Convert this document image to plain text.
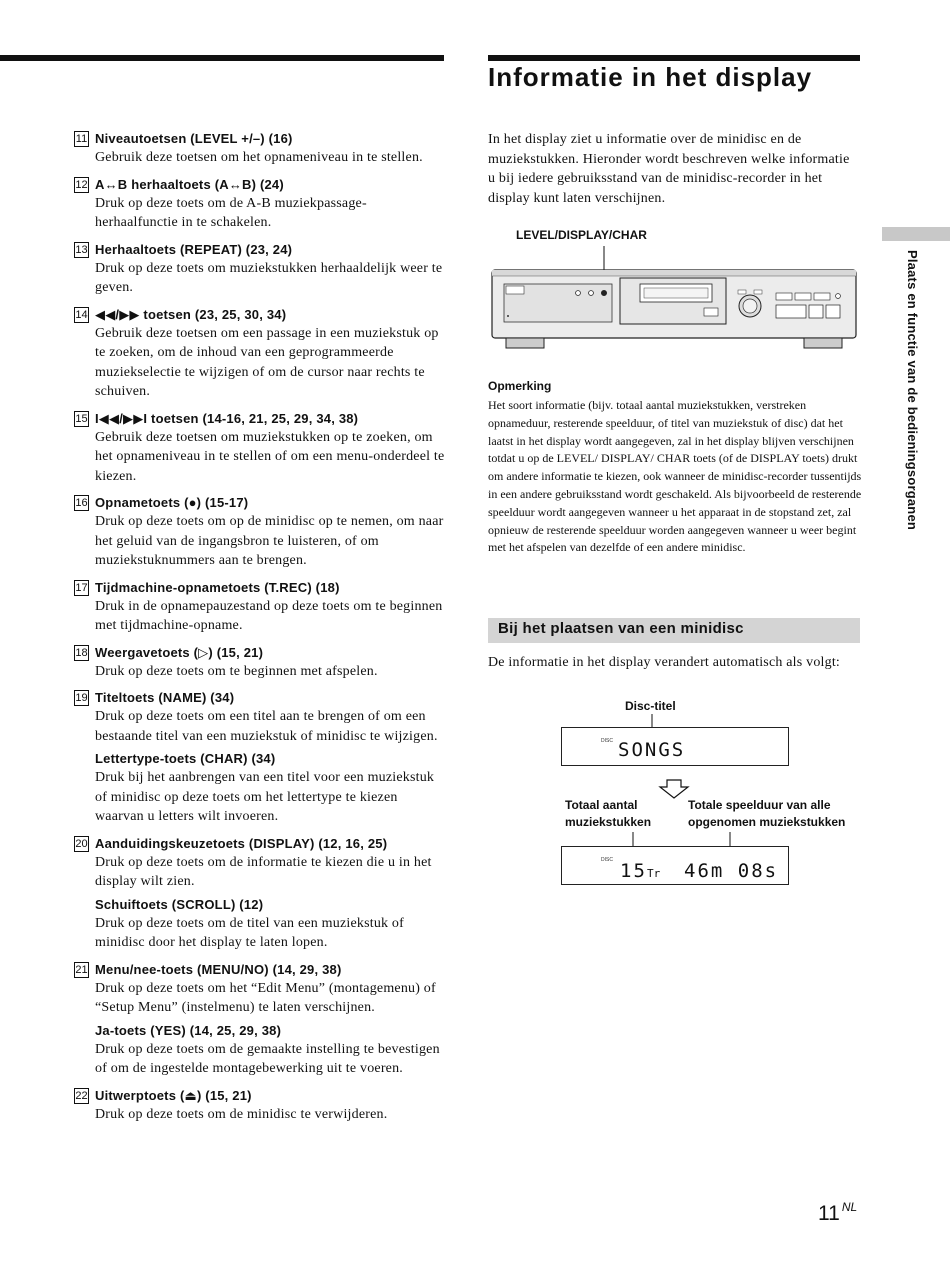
Informatie in het display
11 Niveautoetsen (LEVEL +/–) (16)
Gebruik deze toetsen om het opnameniveau in te stellen.
12 A↔B herhaaltoets (A↔B) (24)
Druk op deze toets om de A-B muziekpassage-herhaalfunctie in te schakelen.
13 Herhaaltoets (REPEAT) (23, 24)
Druk op deze toets om muziekstukken herhaaldelijk weer te geven.
14 ◀◀/▶▶ toetsen (23, 25, 30, 34)
Gebruik deze toetsen om een passage in een muziekstuk op te zoeken, om de inhoud van een geprogrammeerde muziekselectie te wijzigen of om de cursor naar rechts te schuiven.
15 I◀◀/▶▶I toetsen (14-16, 21, 25, 29, 34, 38)
Gebruik deze toetsen om muziekstukken op te zoeken, om het opnameniveau in te stellen of om een menu-onderdeel te kiezen.
16 Opnametoets (●) (15-17)
Druk op deze toets om op de minidisc op te nemen, om naar het geluid van de ingangsbron te luisteren, of om muziekstuknummers aan te brengen.
17 Tijdmachine-opnametoets (T.REC) (18)
Druk in de opnamepauzestand op deze toets om te beginnen met tijdmachine-opname.
18 Weergavetoets (▷) (15, 21)
Druk op deze toets om te beginnen met afspelen.
19 Titeltoets (NAME) (34)
Druk op deze toets om een titel aan te brengen of om een bestaande titel van een muziekstuk of minidisc te wijzigen.
Lettertype-toets (CHAR) (34)
Druk bij het aanbrengen van een titel voor een muziekstuk of minidisc op deze toets om het lettertype te kiezen waarvan u letters wilt invoeren.
20 Aanduidingskeuzetoets (DISPLAY) (12, 16, 25)
Druk op deze toets om de informatie te kiezen die u in het display wilt zien.
Schuiftoets (SCROLL) (12)
Druk op deze toets om de titel van een muziekstuk of minidisc door het display te laten lopen.
21 Menu/nee-toets (MENU/NO) (14, 29, 38)
Druk op deze toets om het “Edit Menu” (montagemenu) of “Setup Menu” (instelmenu) te laten verschijnen.
Ja-toets (YES) (14, 25, 29, 38)
Druk op deze toets om de gemaakte instelling te bevestigen of om de ingestelde montagebewerking uit te voeren.
22 Uitwerptoets (⏏) (15, 21)
Druk op deze toets om de minidisc te verwijderen.
In het display ziet u informatie over de minidisc en de muziekstukken. Hieronder wordt beschreven welke informatie u bij iedere gebruiksstand van de minidisc-recorder in het display kunt laten verschijnen.
LEVEL/DISPLAY/CHAR
Opmerking
Het soort informatie (bijv. totaal aantal muziekstukken, verstreken opnameduur, resterende speelduur, of titel van muziekstuk of disc) dat het laatst in het display wordt aangegeven, zal in het display blijven verschijnen totdat u op de LEVEL/ DISPLAY/ CHAR toets (of de DISPLAY toets) drukt om andere informatie te kiezen, ook wanneer de minidisc-recorder tussentijds in een andere gebruiksstand wordt geschakeld. Als bijvoorbeeld de resterende speelduur wordt aangegeven wanneer u het apparaat in de stopstand zet, zal opnieuw de resterende speelduur worden aangegeven wanneer u weer begint met het afspelen van dezelfde of een andere minidisc.
Bij het plaatsen van een minidisc
De informatie in het display verandert automatisch als volgt:
Disc-titel
DISC SONGS
Totaal aantal
muziekstukken
Totale speelduur van alle
opgenomen muziekstukken
DISC 15 Tr 46m 08s
Plaats en functie van de bedieningsorganen
11 $^{NL}$
